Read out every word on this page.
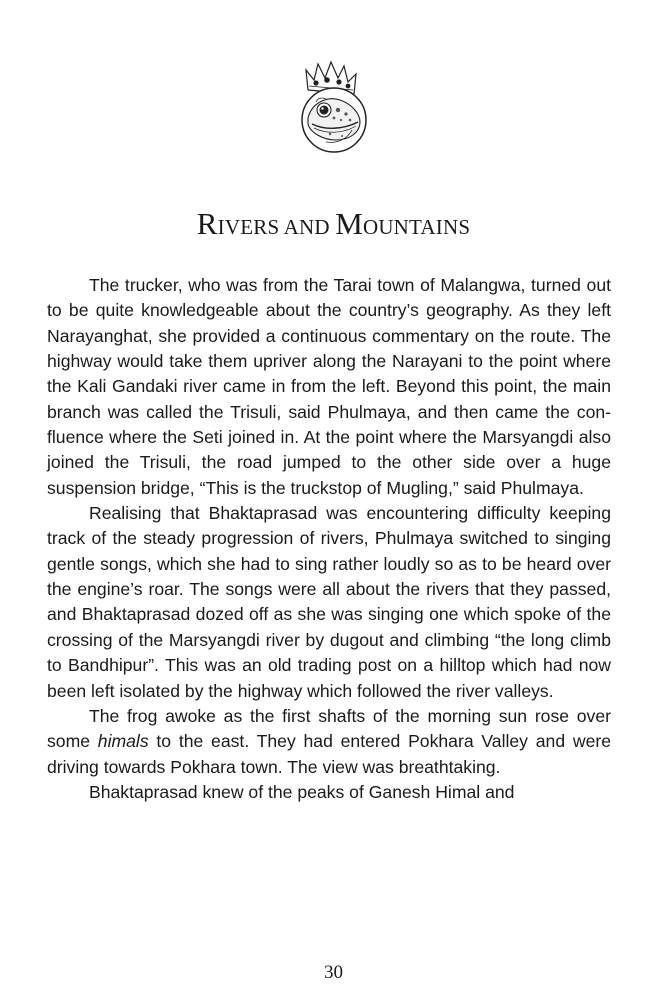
RIVERS AND MOUNTAINS

The trucker, who was from the Tarai town of Malangwa, turned out to be quite knowledgeable about the country’s geography. As they left Narayanghat, she provided a continuous commentary on the route. The highway would take them upriver along the Narayani to the point where the Kali Gandaki river came in from the left. Beyond this point, the main branch was called the Trisuli, said Phulmaya, and then came the confluence where the Seti joined in. At the point where the Marsyangdi also joined the Trisuli, the road jumped to the other side over a huge suspension bridge, “This is the truckstop of Mugling,” said Phulmaya.

Realising that Bhaktaprasad was encountering difficulty keeping track of the steady progression of rivers, Phulmaya switched to singing gentle songs, which she had to sing rather loudly so as to be heard over the engine’s roar. The songs were all about the rivers that they passed, and Bhaktaprasad dozed off as she was singing one which spoke of the crossing of the Marsyangdi river by dugout and climbing “the long climb to Bandhipur”. This was an old trading post on a hilltop which had now been left isolated by the highway which followed the river valleys.

The frog awoke as the first shafts of the morning sun rose over some himals to the east. They had entered Pokhara Valley and were driving towards Pokhara town. The view was breathtaking.

Bhaktaprasad knew of the peaks of Ganesh Himal and

30
